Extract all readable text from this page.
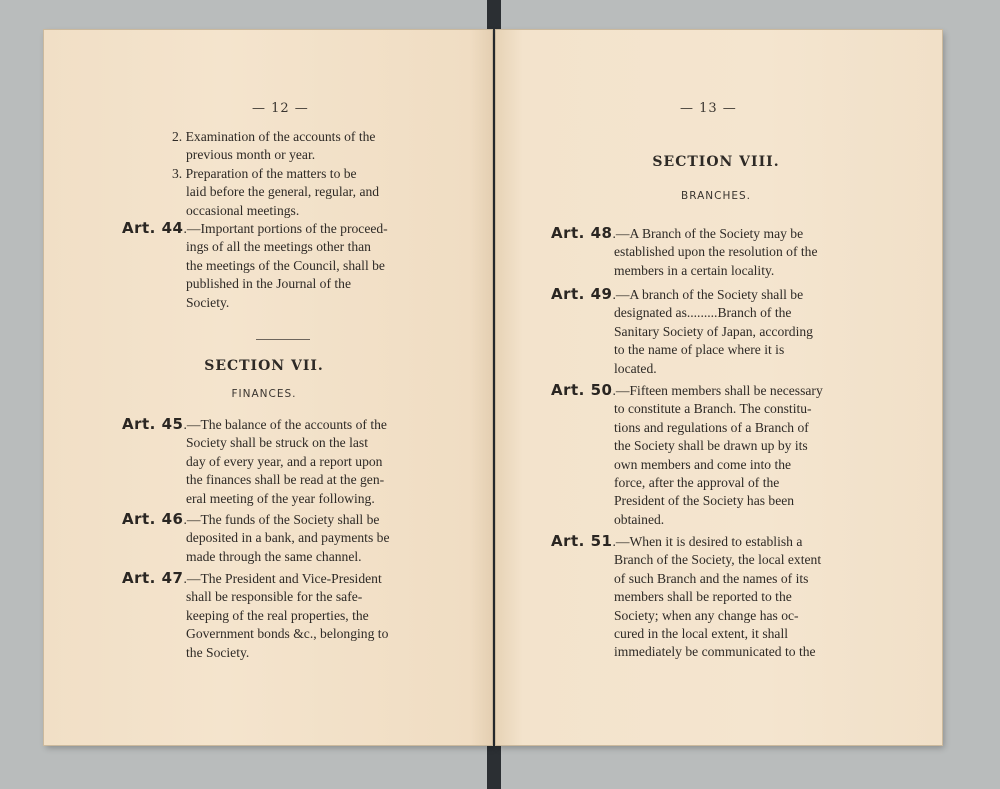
— 12 —
2. Examination of the accounts of the
previous month or year.
3. Preparation of the matters to be
laid before the general, regular, and
occasional meetings.
Art. 44.—Important portions of the proceed-
ings of all the meetings other than
the meetings of the Council, shall be
published in the Journal of the
Society.
SECTION VII.
FINANCES.
Art. 45.—The balance of the accounts of the
Society shall be struck on the last
day of every year, and a report upon
the finances shall be read at the gen-
eral meeting of the year following.
Art. 46.—The funds of the Society shall be
deposited in a bank, and payments be
made through the same channel.
Art. 47.—The President and Vice-President
shall be responsible for the safe-
keeping of the real properties, the
Government bonds &c., belonging to
the Society.
— 13 —
SECTION VIII.
BRANCHES.
Art. 48.—A Branch of the Society may be
established upon the resolution of the
members in a certain locality.
Art. 49.—A branch of the Society shall be
designated as.........Branch of the
Sanitary Society of Japan, according
to the name of place where it is
located.
Art. 50.—Fifteen members shall be necessary
to constitute a Branch. The constitu-
tions and regulations of a Branch of
the Society shall be drawn up by its
own members and come into the
force, after the approval of the
President of the Society has been
obtained.
Art. 51.—When it is desired to establish a
Branch of the Society, the local extent
of such Branch and the names of its
members shall be reported to the
Society; when any change has oc-
cured in the local extent, it shall
immediately be communicated to the
